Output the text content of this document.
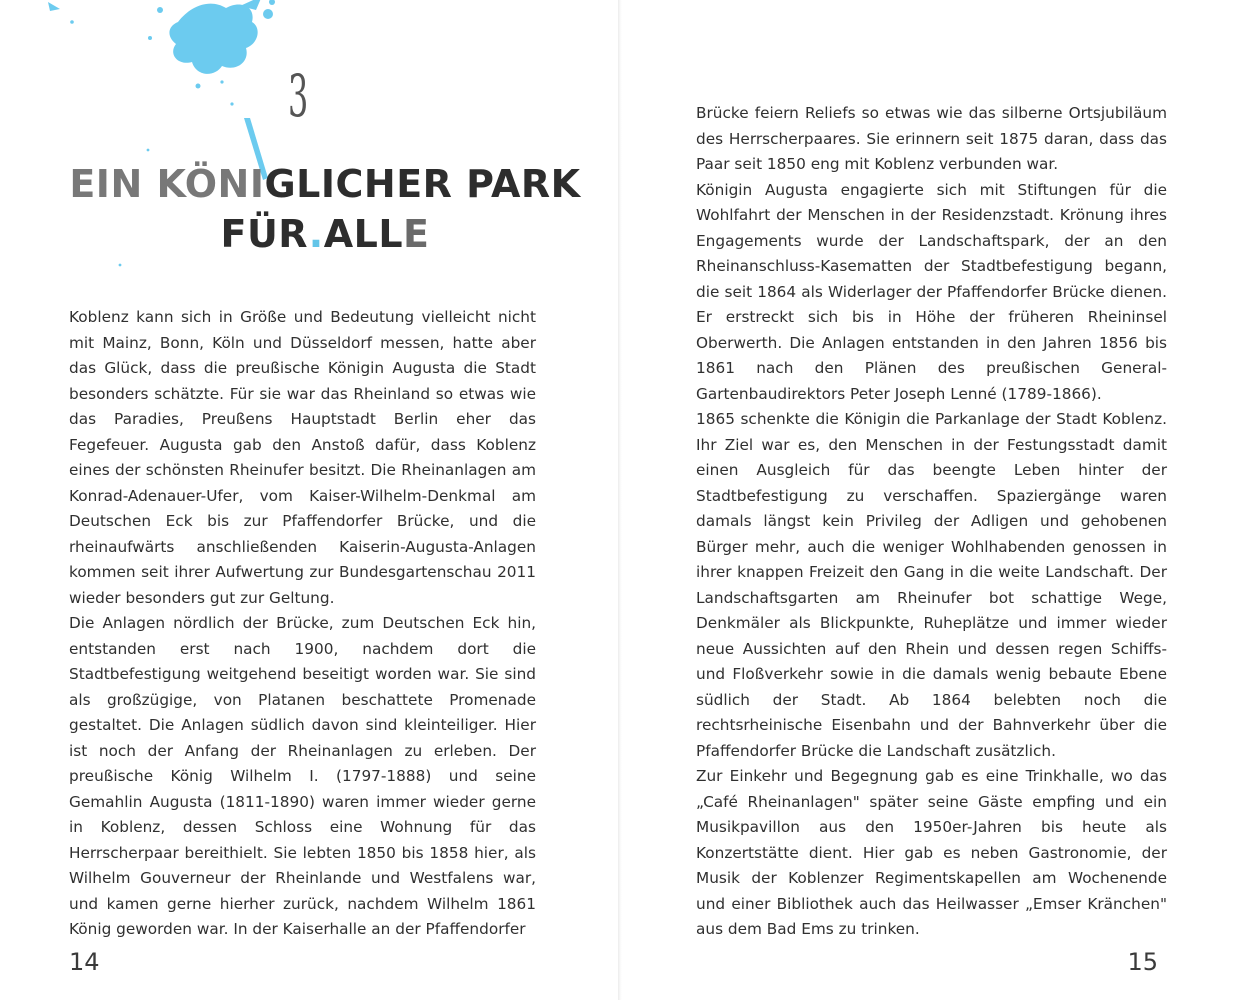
3
EIN KÖNIGLICHER PARK
FÜR.ALLE

Koblenz kann sich in Größe und Bedeutung vielleicht nicht mit Mainz, Bonn, Köln und Düsseldorf messen, hatte aber das Glück, dass die preußische Königin Augusta die Stadt besonders schätzte. Für sie war das Rheinland so etwas wie das Paradies, Preußens Hauptstadt Berlin eher das Fegefeuer. Augusta gab den Anstoß dafür, dass Koblenz eines der schönsten Rheinufer besitzt. Die Rheinanlagen am Konrad-Adenauer-Ufer, vom Kaiser-Wilhelm-Denkmal am Deutschen Eck bis zur Pfaffendorfer Brücke, und die rheinaufwärts anschließenden Kaiserin-Augusta-Anlagen kommen seit ihrer Aufwertung zur Bundesgartenschau 2011 wieder besonders gut zur Geltung.

Die Anlagen nördlich der Brücke, zum Deutschen Eck hin, entstanden erst nach 1900, nachdem dort die Stadtbefestigung weitgehend beseitigt worden war. Sie sind als großzügige, von Platanen beschattete Promenade gestaltet. Die Anlagen südlich davon sind kleinteiliger. Hier ist noch der Anfang der Rheinanlagen zu erleben. Der preußische König Wilhelm I. (1797-1888) und seine Gemahlin Augusta (1811-1890) waren immer wieder gerne in Koblenz, dessen Schloss eine Wohnung für das Herrscherpaar bereithielt. Sie lebten 1850 bis 1858 hier, als Wilhelm Gouverneur der Rheinlande und Westfalens war, und kamen gerne hierher zurück, nachdem Wilhelm 1861 König geworden war. In der Kaiserhalle an der Pfaffendorfer

14

Brücke feiern Reliefs so etwas wie das silberne Ortsjubiläum des Herrscherpaares. Sie erinnern seit 1875 daran, dass das Paar seit 1850 eng mit Koblenz verbunden war.

Königin Augusta engagierte sich mit Stiftungen für die Wohlfahrt der Menschen in der Residenzstadt. Krönung ihres Engagements wurde der Landschaftspark, der an den Rheinanschluss-Kasematten der Stadtbefestigung begann, die seit 1864 als Widerlager der Pfaffendorfer Brücke dienen. Er erstreckt sich bis in Höhe der früheren Rheininsel Oberwerth. Die Anlagen entstanden in den Jahren 1856 bis 1861 nach den Plänen des preußischen General-Gartenbaudirektors Peter Joseph Lenné (1789-1866).

1865 schenkte die Königin die Parkanlage der Stadt Koblenz. Ihr Ziel war es, den Menschen in der Festungsstadt damit einen Ausgleich für das beengte Leben hinter der Stadtbefestigung zu verschaffen. Spaziergänge waren damals längst kein Privileg der Adligen und gehobenen Bürger mehr, auch die weniger Wohlhabenden genossen in ihrer knappen Freizeit den Gang in die weite Landschaft. Der Landschaftsgarten am Rheinufer bot schattige Wege, Denkmäler als Blickpunkte, Ruheplätze und immer wieder neue Aussichten auf den Rhein und dessen regen Schiffs- und Floßverkehr sowie in die damals wenig bebaute Ebene südlich der Stadt. Ab 1864 belebten noch die rechtsrheinische Eisenbahn und der Bahnverkehr über die Pfaffendorfer Brücke die Landschaft zusätzlich.

Zur Einkehr und Begegnung gab es eine Trinkhalle, wo das „Café Rheinanlagen" später seine Gäste empfing und ein Musikpavillon aus den 1950er-Jahren bis heute als Konzertstätte dient. Hier gab es neben Gastronomie, der Musik der Koblenzer Regimentskapellen am Wochenende und einer Bibliothek auch das Heilwasser „Emser Kränchen" aus dem Bad Ems zu trinken.

15
